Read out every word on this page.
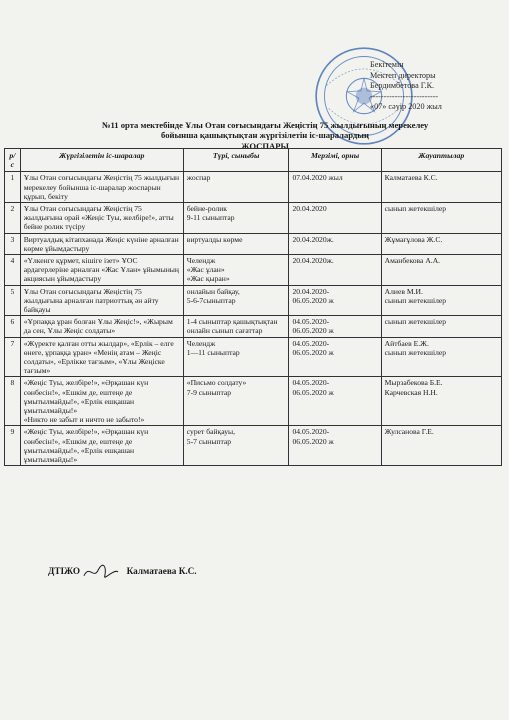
Бекітемін
Мектеп директоры
Бердимбетова Г.К.
-------------------------
«07» сәуір 2020 жыл
№11 орта мектебінде Ұлы Отан соғысындағы Жеңістің 75 жылдығының мерекелеу
бойынша қашықтықтан жүргізілетін іс-шаралардың
ЖОСПАРЫ
р/с	Жүргізілетін іс-шаралар	Түрі, сыныбы	Мерзімі, орны	Жауаптылар
1	Ұлы Отан соғысындағы Жеңістің 75 жылдығын мерекелеу бойынша іс-шаралар жоспарын құрып, бекіту	жоспар	07.04.2020 жыл	Калматаева К.С.
2	Ұлы Отан соғысындағы Жеңістің 75 жылдығына орай «Жеңіс Туы, желбіре!», атты бейне ролик түсіру	бейне-ролик
9-11 сыныптар	20.04.2020	сынып жетекшілер
3	Виртуалдық кітапханада Жеңіс күніне арналған көрме ұйымдастыру	виртуалды көрме	20.04.2020ж.	Жұмағұлова Ж.С.
4	«Үлкенге құрмет, кішіге ізет» ҰОС ардагерлеріне арналған «Жас Ұлан» ұйымының акциясын ұйымдастыру	Челендж
«Жас ұлан»
«Жас қыран»	20.04.2020ж.	Аманбекова А.А.
5	Ұлы Отан соғысындағы Жеңістің 75 жылдығына арналған патриоттық ән айту байқауы	онлайын байқау,
5-6-7сыныптар	20.04.2020-
06.05.2020 ж	Алиев М.И.
сынып жетекшілер
6	«Ұрпаққа ұран болған Ұлы Жеңіс!», «Жырым да сен, Ұлы Жеңіс солдаты»	1-4 сыныптар қашықтықтан онлайн сынып сағаттар	04.05.2020-
06.05.2020 ж	сынып жетекшілер
7	«Жүректе қалған отты жылдар», «Ерлік – елге өнеге, ұрпаққа ұран» «Менің атам – Жеңіс солдаты», «Ерлікке тағзым», «Ұлы Жеңіске тағзым»	Челендж
1—11 сыныптар	04.05.2020-
06.05.2020 ж	Айтбаев Е.Ж.
сынып жетекшілер
8	«Жеңіс Туы, желбіре!», «Әрқашан күн сөнбесін!», «Ешкім де, ештеңе де ұмытылмайды!», «Ерлік ешқашан ұмытылмайды!»
«Никто не забыт и ничто не забыто!»	«Письмо солдату»
7-9 сыныптар	04.05.2020-
06.05.2020 ж	Мырзабекова Б.Е.
Карчевская Н.Н.
9	«Жеңіс Туы, желбіре!», «Әрқашан күн сөнбесін!», «Ешкім де, ештеңе де ұмытылмайды!», «Ерлік ешқашан ұмытылмайды!»	сурет байқауы,
5-7 сыныптар	04.05.2020-
06.05.2020 ж	Жулсанова Г.Е.
ДТІЖО	Калматаева К.С.
